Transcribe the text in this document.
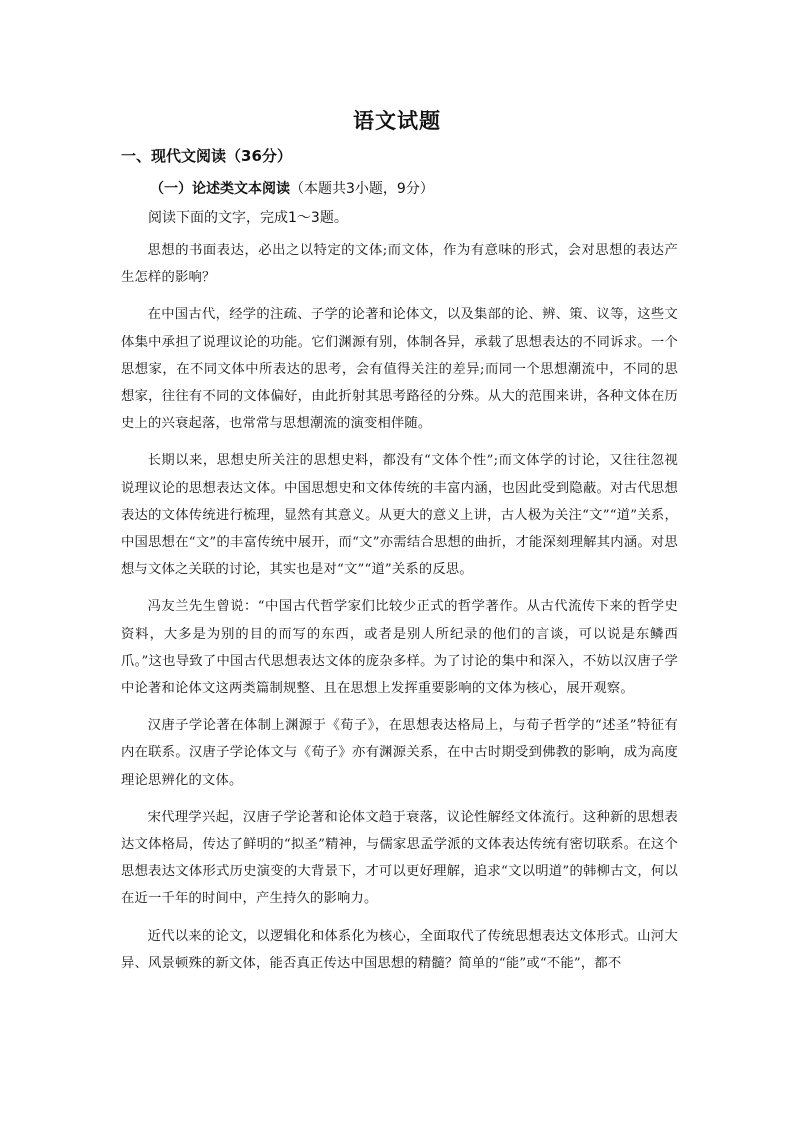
语文试题
一、现代文阅读（36分）
（一）论述类文本阅读（本题共3小题，9分）
阅读下面的文字，完成1～3题。

思想的书面表达，必出之以特定的文体;而文体，作为有意味的形式，会对思想的表达产生怎样的影响？

在中国古代，经学的注疏、子学的论著和论体文，以及集部的论、辨、策、议等，这些文体集中承担了说理议论的功能。它们渊源有别，体制各异，承载了思想表达的不同诉求。一个思想家，在不同文体中所表达的思考，会有值得关注的差异;而同一个思想潮流中，不同的思想家，往往有不同的文体偏好，由此折射其思考路径的分殊。从大的范围来讲，各种文体在历史上的兴衰起落，也常常与思想潮流的演变相伴随。

长期以来，思想史所关注的思想史料，都没有“文体个性”;而文体学的讨论，又往往忽视说理议论的思想表达文体。中国思想史和文体传统的丰富内涵，也因此受到隐蔽。对古代思想表达的文体传统进行梳理，显然有其意义。从更大的意义上讲，古人极为关注“文”“道”关系，中国思想在“文”的丰富传统中展开，而“文”亦需结合思想的曲折，才能深刻理解其内涵。对思想与文体之关联的讨论，其实也是对“文”“道”关系的反思。

冯友兰先生曾说：“中国古代哲学家们比较少正式的哲学著作。从古代流传下来的哲学史资料，大多是为别的目的而写的东西，或者是别人所纪录的他们的言谈，可以说是东鳞西爪。”这也导致了中国古代思想表达文体的庞杂多样。为了讨论的集中和深入，不妨以汉唐子学中论著和论体文这两类篇制规整、且在思想上发挥重要影响的文体为核心，展开观察。

汉唐子学论著在体制上渊源于《荀子》，在思想表达格局上，与荀子哲学的“述圣”特征有内在联系。汉唐子学论体文与《荀子》亦有渊源关系，在中古时期受到佛教的影响，成为高度理论思辨化的文体。

宋代理学兴起，汉唐子学论著和论体文趋于衰落，议论性解经文体流行。这种新的思想表达文体格局，传达了鲜明的“拟圣”精神，与儒家思孟学派的文体表达传统有密切联系。在这个思想表达文体形式历史演变的大背景下，才可以更好理解，追求“文以明道”的韩柳古文，何以在近一千年的时间中，产生持久的影响力。

近代以来的论文，以逻辑化和体系化为核心，全面取代了传统思想表达文体形式。山河大异、风景顿殊的新文体，能否真正传达中国思想的精髓？简单的“能”或“不能”，都不
